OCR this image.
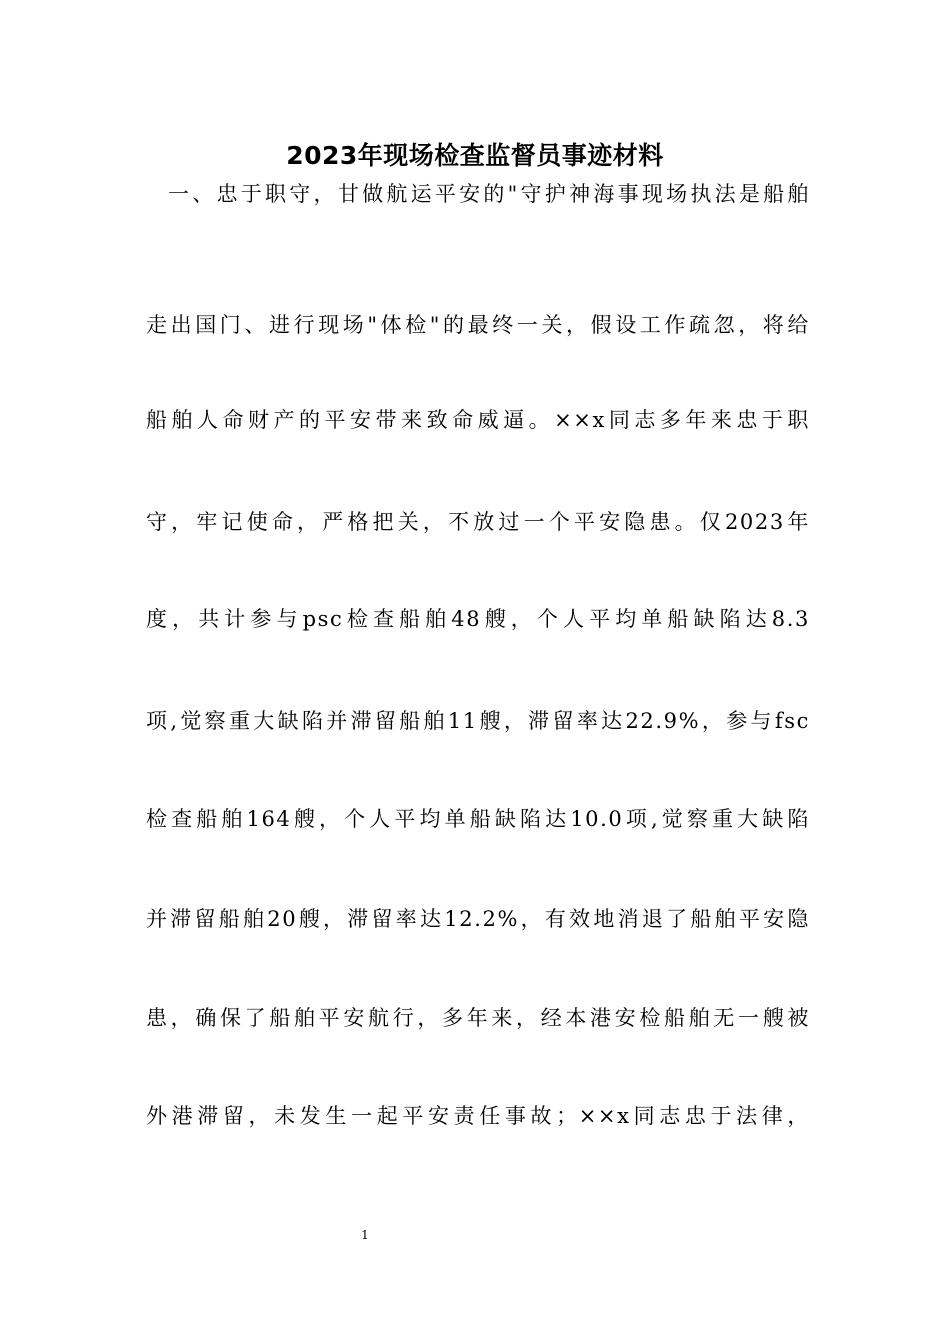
2023年现场检查监督员事迹材料
一、忠于职守，甘做航运平安的"守护神海事现场执法是船舶
走出国门、进行现场"体检"的最终一关，假设工作疏忽，将给
船舶人命财产的平安带来致命威逼。××x同志多年来忠于职
守，牢记使命，严格把关，不放过一个平安隐患。仅2023年
度，共计参与psc检查船舶48艘，个人平均单船缺陷达8.3
项,觉察重大缺陷并滞留船舶11艘，滞留率达22.9%，参与fsc
检查船舶164艘，个人平均单船缺陷达10.0项,觉察重大缺陷
并滞留船舶20艘，滞留率达12.2%，有效地消退了船舶平安隐
患，确保了船舶平安航行，多年来，经本港安检船舶无一艘被
外港滞留，未发生一起平安责任事故；××x同志忠于法律，
1
